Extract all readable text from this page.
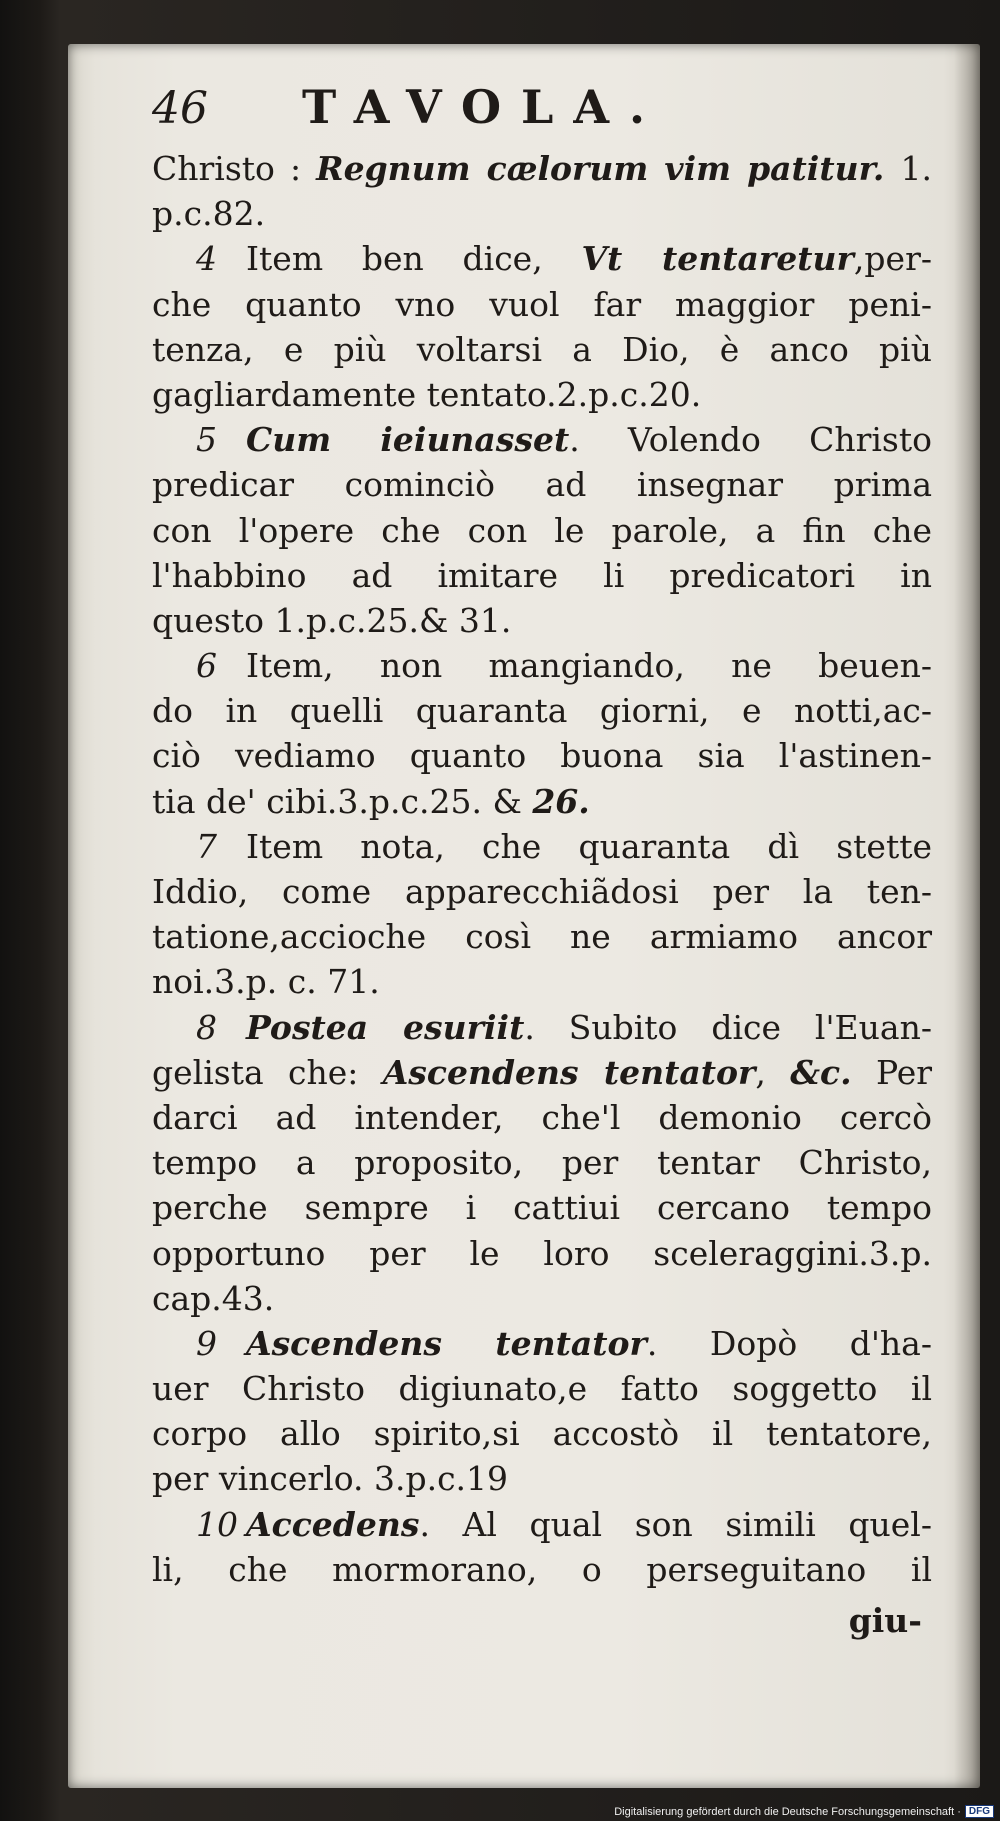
46	TAVOLA.
Christo : Regnum cælorum vim patitur. 1.
p.c.82.
4 Item ben dice, Vt tentaretur,per-
che quanto vno vuol far maggior peni-
tenza, e più voltarsi a Dio, è anco più
gagliardamente tentato.2.p.c.20.
5 Cum ieiunasset. Volendo Christo
predicar cominciò ad insegnar prima
con l'opere che con le parole, a fin che
l'habbino ad imitare li predicatori in
questo 1.p.c.25.& 31.
6 Item, non mangiando, ne beuen-
do in quelli quaranta giorni, e notti,ac-
ciò vediamo quanto buona sia l'astinen-
tia de' cibi.3.p.c.25. & 26.
7 Item nota, che quaranta dì stette
Iddio, come apparecchiãdosi per la ten-
tatione,accioche così ne armiamo ancor
noi.3.p. c. 71.
8 Postea esuriit. Subito dice l'Euan-
gelista che: Ascendens tentator, &c. Per
darci ad intender, che'l demonio cercò
tempo a proposito, per tentar Christo,
perche sempre i cattiui cercano tempo
opportuno per le loro sceleraggini.3.p.
cap.43.
9 Ascendens tentator. Dopò d'ha-
uer Christo digiunato,e fatto soggetto il
corpo allo spirito,si accostò il tentatore,
per vincerlo. 3.p.c.19
10 Accedens. Al qual son simili quel-
li, che mormorano, o perseguitano il
giu-
Digitalisierung gefördert durch die Deutsche Forschungsgemeinschaft · DFG
